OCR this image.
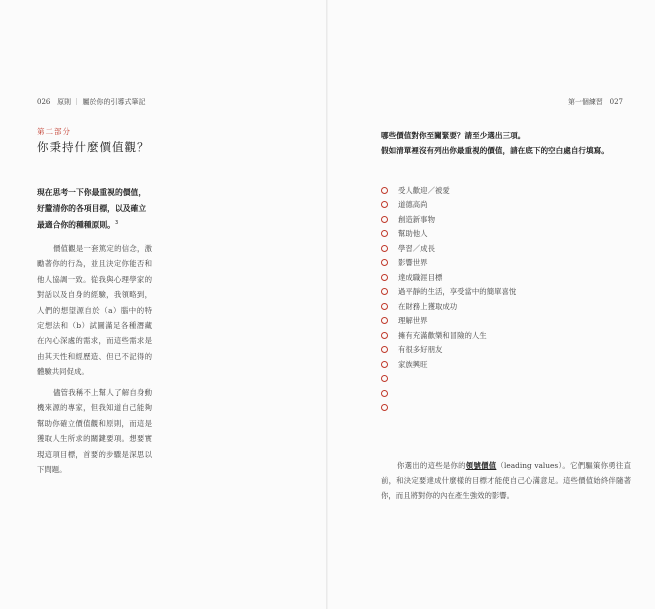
026 原則 ｜ 屬於你的引導式筆記
第二部分
你秉持什麼價值觀？
現在思考一下你最重視的價值，好釐清你的各項目標，以及確立最適合你的種種原則。$^3$
價值觀是一套篤定的信念，激勵著你的行為，並且決定你能否和他人協調一致。從我與心理學家的對話以及自身的經驗，我領略到，人們的想望源自於（a）腦中的特定想法和（b）試圖滿足各種潛藏在內心深處的需求，而這些需求是由其天性和經歷造、但已不記得的體驗共同促成。
儘管我稱不上幫人了解自身動機來源的專家，但我知道自己能夠幫助你確立價值觀和原則，而這是獲取人生所求的關鍵要項。想要實現這項目標，首要的步驟是深思以下問題。
第一個練習 027
哪些價值對你至關緊要？請至少選出三項。
假如清單裡沒有列出你最重視的價值，請在底下的空白處自行填寫。
受人歡迎／被愛
道德高尚
創造新事物
幫助他人
學習／成長
影響世界
達成職涯目標
過平靜的生活，享受當中的簡單喜悅
在財務上獲取成功
理解世界
擁有充滿歡樂和冒險的人生
有很多好朋友
家族興旺
你選出的這些是你的領號價值（leading values）。它們驅策你勇往直前，和決定要達成什麼樣的目標才能使自己心滿意足。這些價值始終伴隨著你，而且將對你的內在產生強效的影響。
